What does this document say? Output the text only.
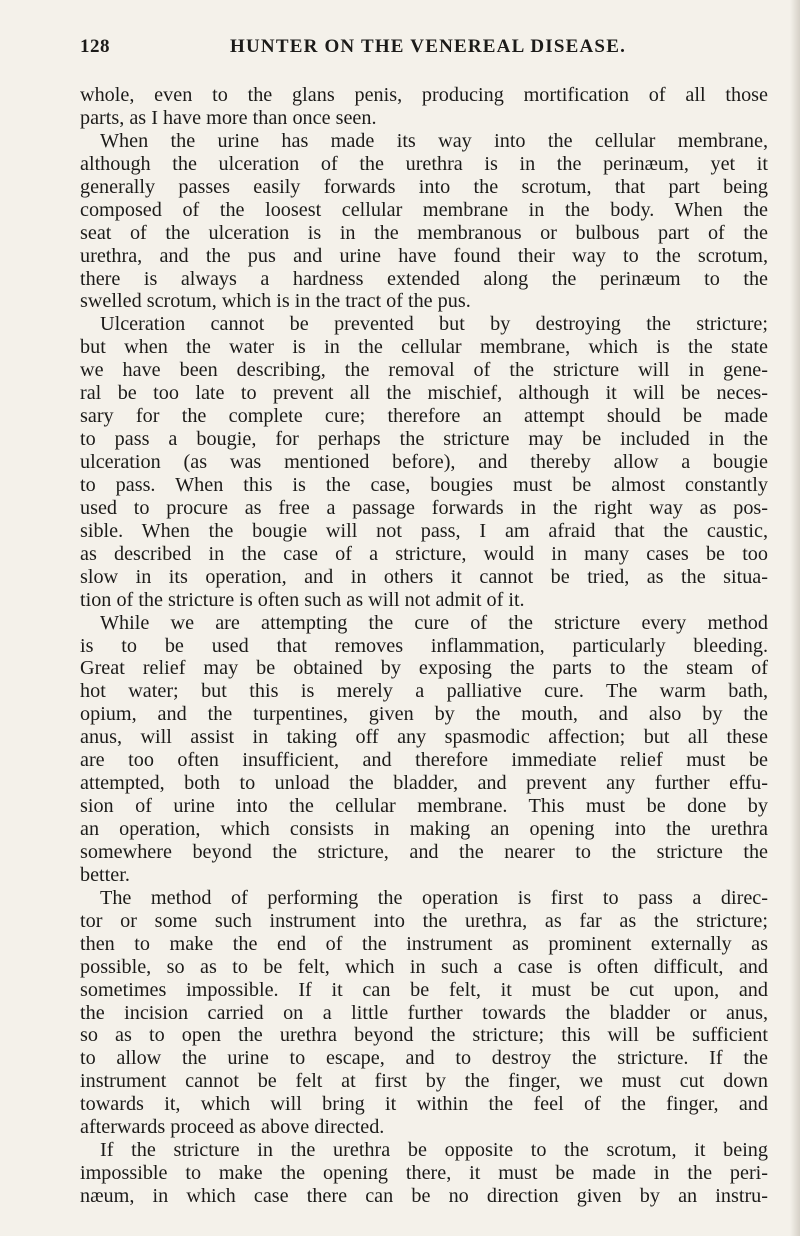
128	HUNTER ON THE VENEREAL DISEASE.
whole, even to the glans penis, producing mortification of all those
parts, as I have more than once seen.
When the urine has made its way into the cellular membrane,
although the ulceration of the urethra is in the perinæum, yet it
generally passes easily forwards into the scrotum, that part being
composed of the loosest cellular membrane in the body. When the
seat of the ulceration is in the membranous or bulbous part of the
urethra, and the pus and urine have found their way to the scrotum,
there is always a hardness extended along the perinæum to the
swelled scrotum, which is in the tract of the pus.
Ulceration cannot be prevented but by destroying the stricture;
but when the water is in the cellular membrane, which is the state
we have been describing, the removal of the stricture will in gene-
ral be too late to prevent all the mischief, although it will be neces-
sary for the complete cure; therefore an attempt should be made
to pass a bougie, for perhaps the stricture may be included in the
ulceration (as was mentioned before), and thereby allow a bougie
to pass. When this is the case, bougies must be almost constantly
used to procure as free a passage forwards in the right way as pos-
sible. When the bougie will not pass, I am afraid that the caustic,
as described in the case of a stricture, would in many cases be too
slow in its operation, and in others it cannot be tried, as the situa-
tion of the stricture is often such as will not admit of it.
While we are attempting the cure of the stricture every method
is to be used that removes inflammation, particularly bleeding.
Great relief may be obtained by exposing the parts to the steam of
hot water; but this is merely a palliative cure. The warm bath,
opium, and the turpentines, given by the mouth, and also by the
anus, will assist in taking off any spasmodic affection; but all these
are too often insufficient, and therefore immediate relief must be
attempted, both to unload the bladder, and prevent any further effu-
sion of urine into the cellular membrane. This must be done by
an operation, which consists in making an opening into the urethra
somewhere beyond the stricture, and the nearer to the stricture the
better.
The method of performing the operation is first to pass a direc-
tor or some such instrument into the urethra, as far as the stricture;
then to make the end of the instrument as prominent externally as
possible, so as to be felt, which in such a case is often difficult, and
sometimes impossible. If it can be felt, it must be cut upon, and
the incision carried on a little further towards the bladder or anus,
so as to open the urethra beyond the stricture; this will be sufficient
to allow the urine to escape, and to destroy the stricture. If the
instrument cannot be felt at first by the finger, we must cut down
towards it, which will bring it within the feel of the finger, and
afterwards proceed as above directed.
If the stricture in the urethra be opposite to the scrotum, it being
impossible to make the opening there, it must be made in the peri-
næum, in which case there can be no direction given by an instru-
